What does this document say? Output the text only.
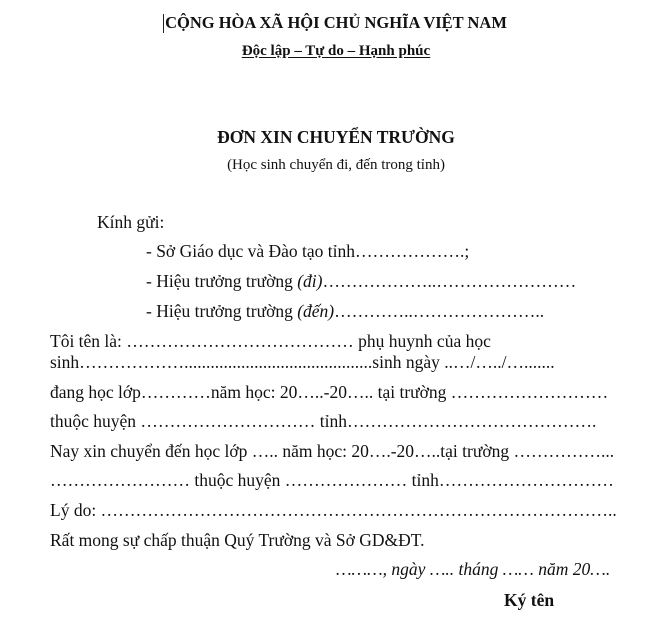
CỘNG HÒA XÃ HỘI CHỦ NGHĨA VIỆT NAM
Độc lập – Tự do – Hạnh phúc
ĐƠN XIN CHUYỂN TRƯỜNG
(Học sinh chuyển đi, đến trong tỉnh)
Kính gửi:
- Sở Giáo dục và Đào tạo tỉnh……………….;
- Hiệu trưởng trường (đi)………………..……………………
- Hiệu trưởng trường (đến)…………..…………………..
Tôi tên là: ………………………………… phụ huynh của học
sinh………………...........................................sinh ngày ..…/…../….......
đang học lớp…………năm học: 20…..-20….. tại trường ………………………
thuộc huyện ………………………… tỉnh…………………………………….
Nay xin chuyển đến học lớp ….. năm học: 20….-20…..tại trường ……………...
…………………… thuộc huyện ………………… tỉnh…………………………
Lý do: ……………………………………………………………………………..
Rất mong sự chấp thuận Quý Trường và Sở GD&ĐT.
………, ngày ….. tháng …… năm 20….
Ký tên
